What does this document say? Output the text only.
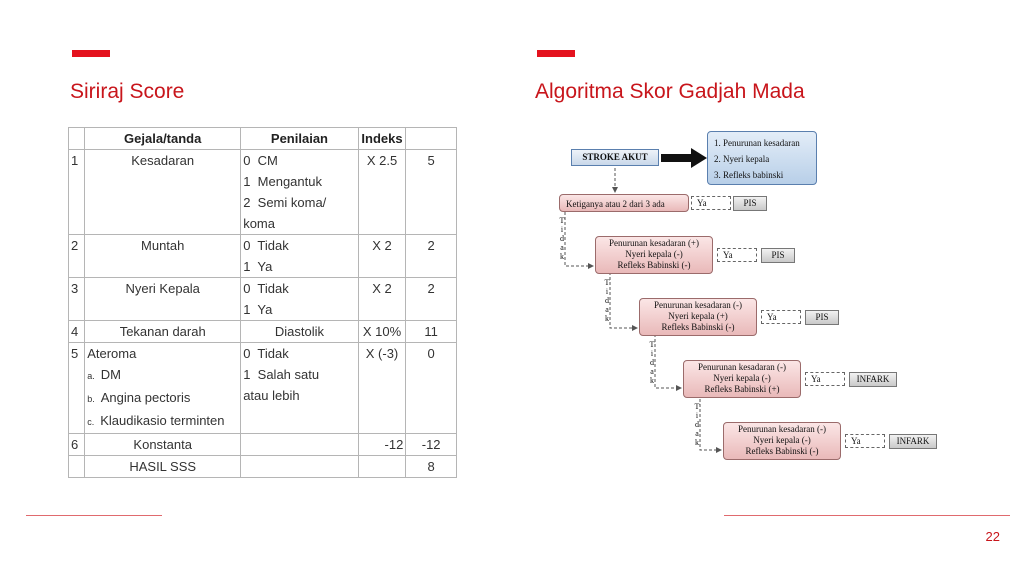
Siriraj Score	Algoritma Skor Gadjah Mada
	Gejala/tanda	Penilaian	Indeks	
1	Kesadaran	0  CM
1  Mengantuk
2  Semi koma/
koma	X 2.5	5
2	Muntah	0  Tidak
1  Ya	X 2	2
3	Nyeri Kepala	0  Tidak
1  Ya	X 2	2
4	Tekanan darah	Diastolik	X 10%	11
5	Ateroma
a. DM
b. Angina pectoris
c. Klaudikasio terminten	0  Tidak
1  Salah satu
atau lebih	X (-3)	0
6	Konstanta		-12	-12

	HASIL SSS			8
1. Penurunan kesadaran
2. Nyeri kepala
3. Refleks babinski
STROKE AKUT
Ketiganya atau 2 dari 3 ada	Ya	PIS
T
i
d
a
k
Penurunan kesadaran (+)
Nyeri kepala (-)
Refleks Babinski (-)
Ya	PIS
T
i
d
a
k
Penurunan kesadaran (-)
Nyeri kepala (+)
Refleks Babinski (-)
Ya	PIS
T
i
d
a
k
Penurunan kesadaran (-)
Nyeri kepala (-)
Refleks Babinski (+)
Ya	INFARK
T
i
d
a
k
Penurunan kesadaran (-)
Nyeri kepala (-)
Refleks Babinski (-)
Ya	INFARK
22
